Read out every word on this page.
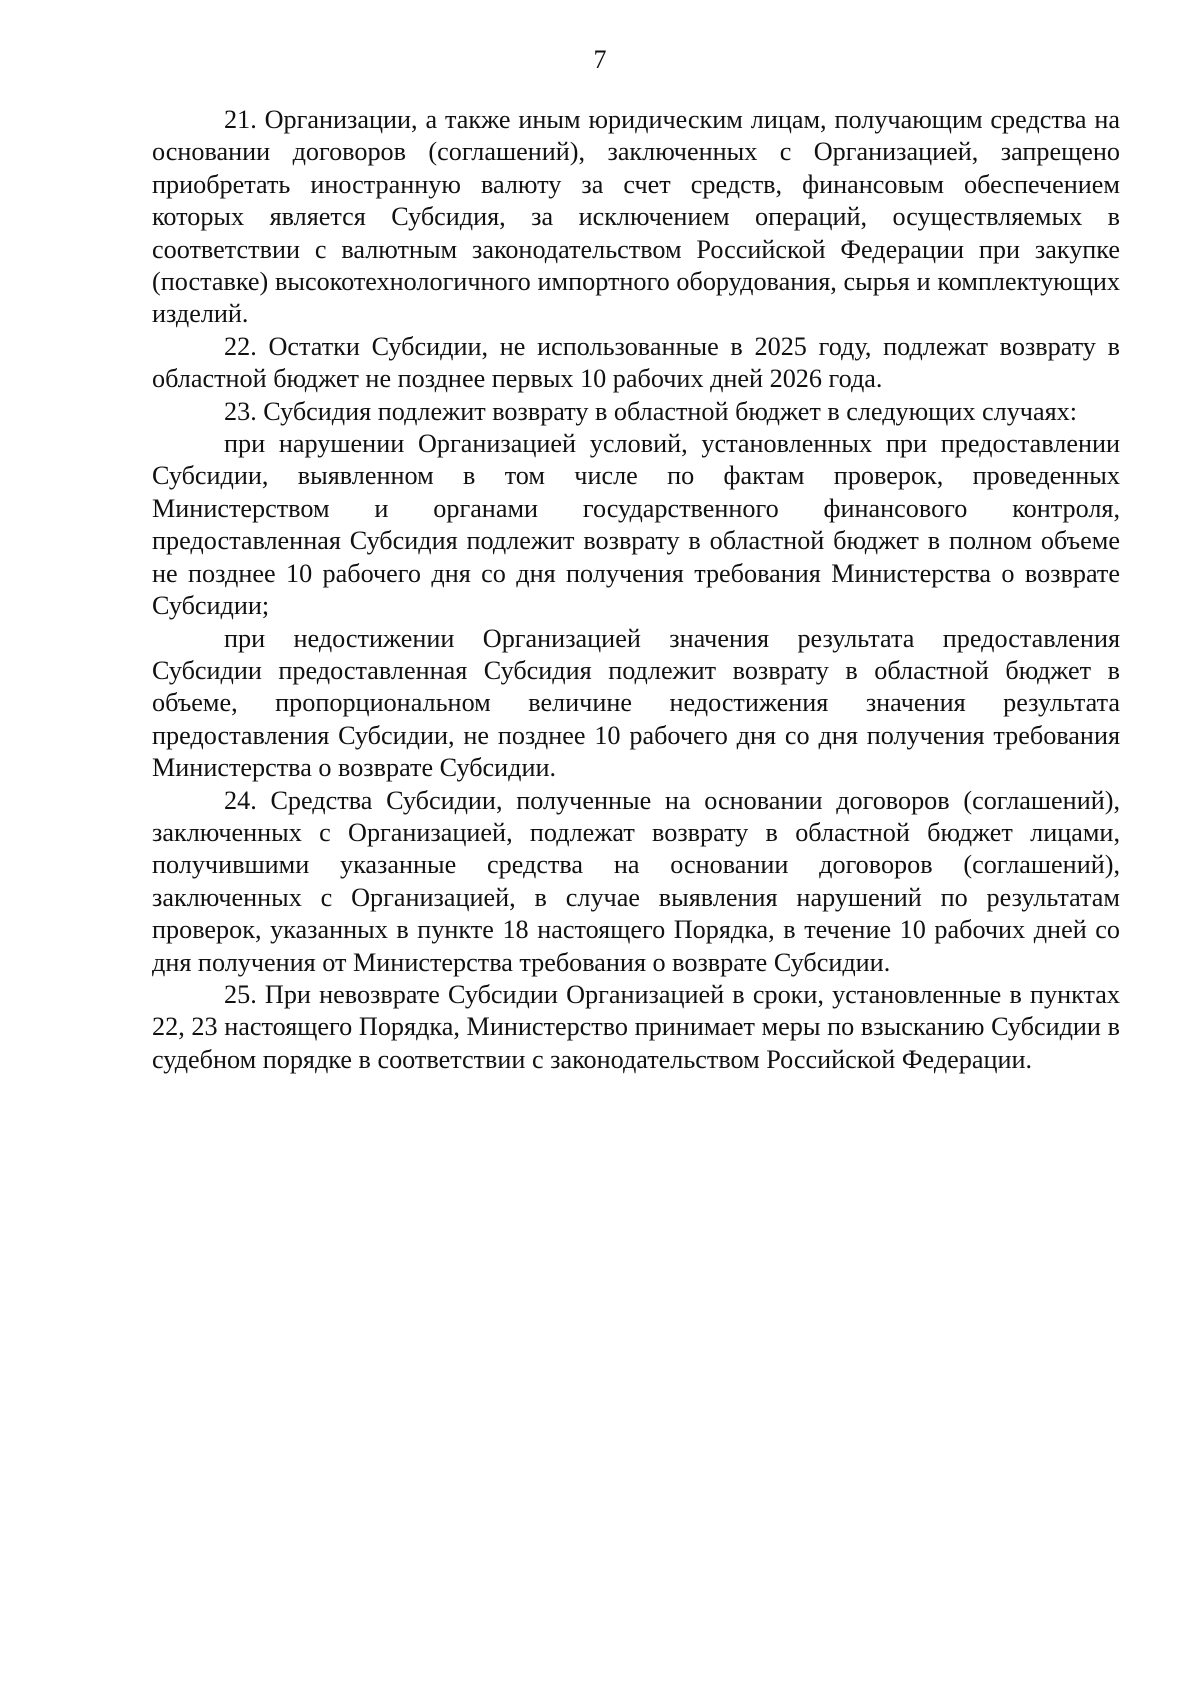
7

21. Организации, а также иным юридическим лицам, получающим средства на основании договоров (соглашений), заключенных с Организацией, запрещено приобретать иностранную валюту за счет средств, финансовым обеспечением которых является Субсидия, за исключением операций, осуществляемых в соответствии с валютным законодательством Российской Федерации при закупке (поставке) высокотехнологичного импортного оборудования, сырья и комплектующих изделий.

22. Остатки Субсидии, не использованные в 2025 году, подлежат возврату в областной бюджет не позднее первых 10 рабочих дней 2026 года.

23. Субсидия подлежит возврату в областной бюджет в следующих случаях:

при нарушении Организацией условий, установленных при предоставлении Субсидии, выявленном в том числе по фактам проверок, проведенных Министерством и органами государственного финансового контроля, предоставленная Субсидия подлежит возврату в областной бюджет в полном объеме не позднее 10 рабочего дня со дня получения требования Министерства о возврате Субсидии;

при недостижении Организацией значения результата предоставления Субсидии предоставленная Субсидия подлежит возврату в областной бюджет в объеме, пропорциональном величине недостижения значения результата предоставления Субсидии, не позднее 10 рабочего дня со дня получения требования Министерства о возврате Субсидии.

24. Средства Субсидии, полученные на основании договоров (соглашений), заключенных с Организацией, подлежат возврату в областной бюджет лицами, получившими указанные средства на основании договоров (соглашений), заключенных с Организацией, в случае выявления нарушений по результатам проверок, указанных в пункте 18 настоящего Порядка, в течение 10 рабочих дней со дня получения от Министерства требования о возврате Субсидии.

25. При невозврате Субсидии Организацией в сроки, установленные в пунктах 22, 23 настоящего Порядка, Министерство принимает меры по взысканию Субсидии в судебном порядке в соответствии с законодательством Российской Федерации.
